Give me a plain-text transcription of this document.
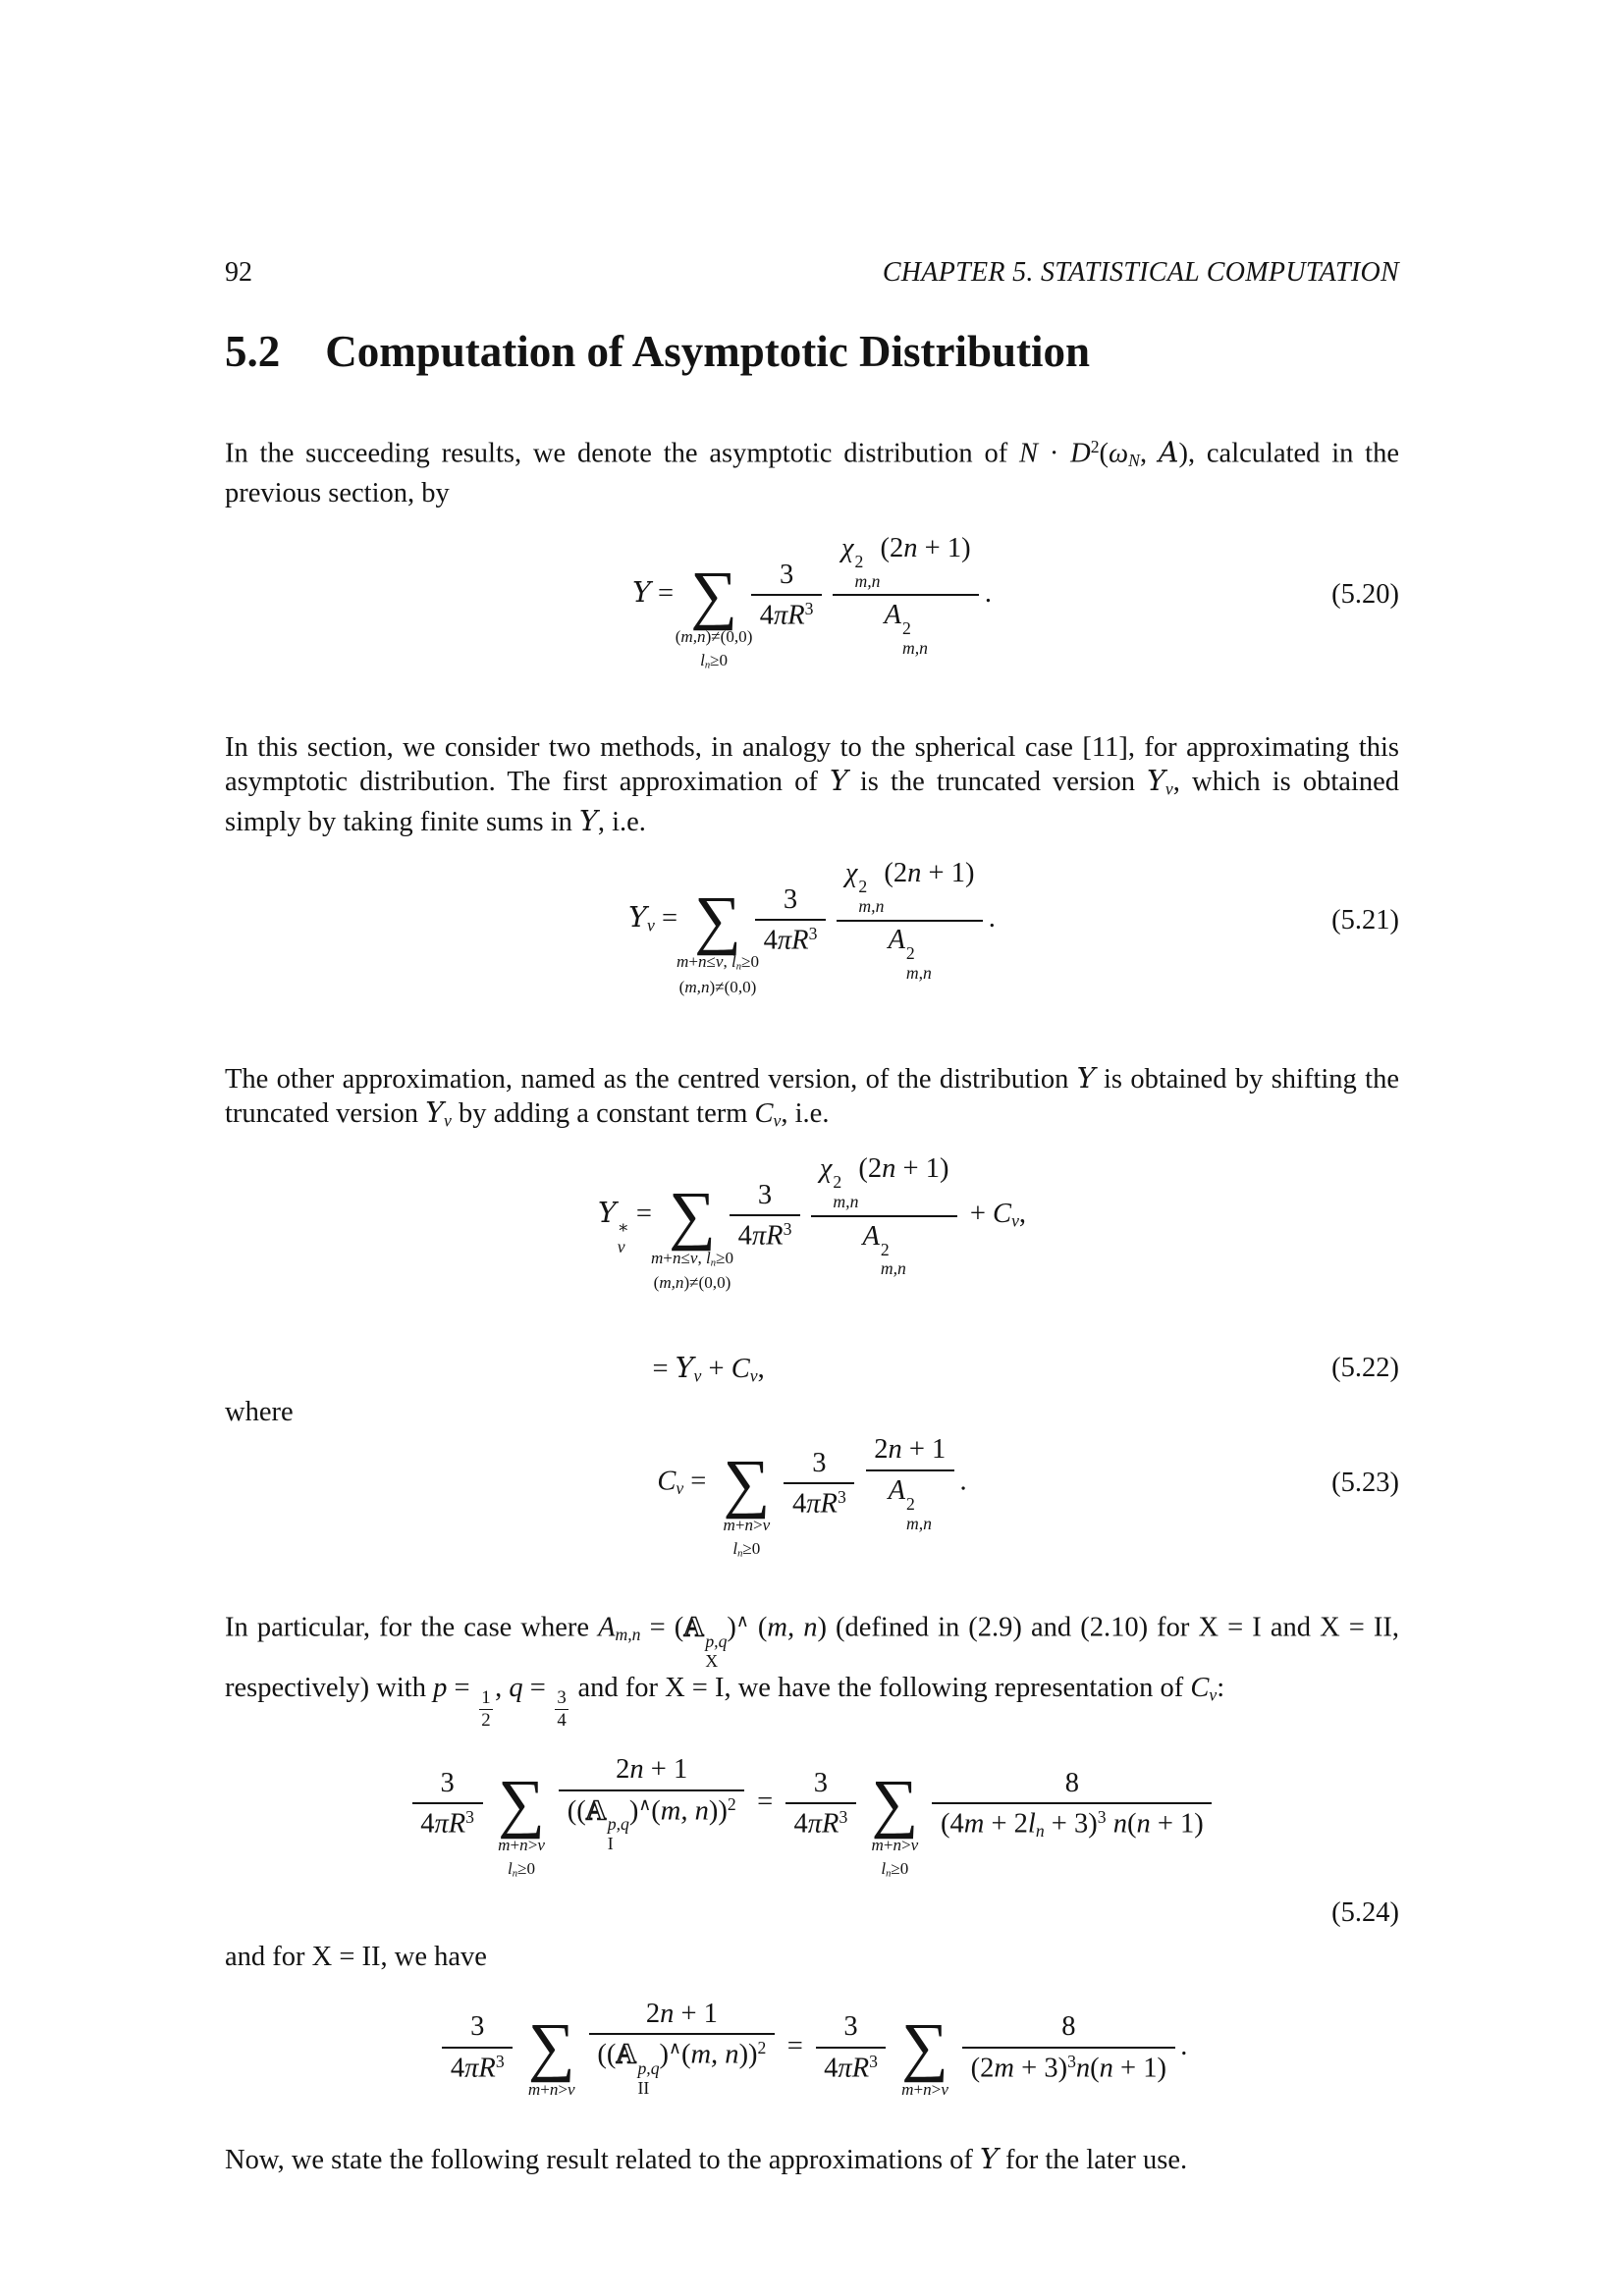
92	CHAPTER 5. STATISTICAL COMPUTATION
5.2 Computation of Asymptotic Distribution

In the succeeding results, we denote the asymptotic distribution of $N \cdot D^2(\omega_N$, A), calculated in the previous section, by

Y = ∑
(m,n)≠(0,0)
$l_n\ge 0$
$\frac{3}{4\pi R^3}$ χ 2
m,n
(2n + 1)
A 2
m,n .	(5.20)

In this section, we consider two methods, in analogy to the spherical case [11], for approximating this asymptotic distribution. The first approximation of Y is the truncated version $Y_\nu$, which is obtained simply by taking finite sums in Y, i.e.

$Y_\nu$ = ∑
m+n≤ν, $l_n\ge 0$
(m,n)≠(0,0)
$\frac{3}{4\pi R^3}$ χ 2
m,n
(2n + 1)
A 2
m,n .	(5.21)

The other approximation, named as the centred version, of the distribution Y is obtained by shifting the truncated version $Y_\nu$ by adding a constant term $C_\nu$, i.e.

Y ∗
ν
= ∑
m+n≤ν, $l_n\ge 0$
(m,n)≠(0,0)
$\frac{3}{4\pi R^3}$ χ 2
m,n
(2n + 1)
A 2
$m,n + C_\nu$,
= $Y_\nu + C_\nu$,	(5.22)

where

$C_\nu$ = ∑
m+n>ν
$l_n\ge 0$
$\frac{3}{4\pi R^3} 2n + 1$
A 2
m,n .	(5.23)

In particular, for the case where $A_{m,n} = (A$ p,q
X
)∧ (m, n) (defined in (2.9) and (2.10) for X = I and X = II, respectively) with p =
$\frac{1}{2}$
, q =
$\frac{3}{4}$
and for X = I, we have the following representation of $C_\nu$:

$\frac{3}{4\pi R^3}$ ∑
m+n>ν
$l_n\ge 0$
2n + 1
((A p,q
I
)∧(m, $n))^2 = \frac{3}{4\pi R^3}$ ∑
m+n>ν
$l_n\ge 0$
$\frac{8}{(4m + 2l_n + 3)^3 n(n + 1)}$
(5.24)

and for X = II, we have

$\frac{3}{4\pi R^3}$ ∑
m+n>ν 2n + 1
((A p,q
II
)∧(m, $n))^2 = \frac{3}{4\pi R^3}$ ∑
m+n>ν
$\frac{8}{(2m + 3)^3n(n + 1)}$ .

Now, we state the following result related to the approximations of Y for the later use.
